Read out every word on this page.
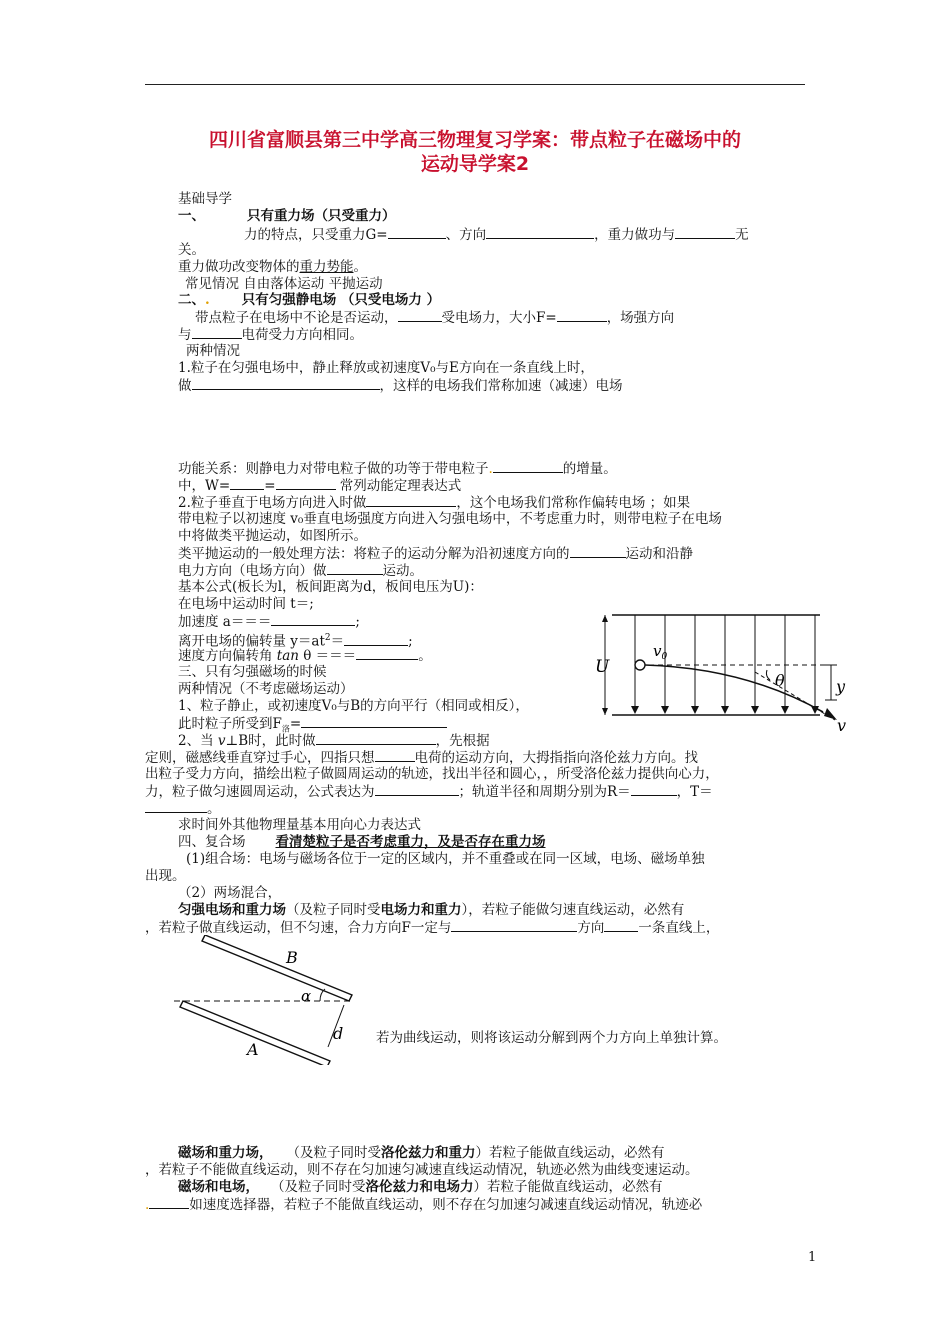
四川省富顺县第三中学高三物理复习学案：带点粒子在磁场中的
运动导学案2
基础导学
一、	只有重力场（只受重力）
力的特点，只受重力G=	、方向	，重力做功与	无
关。
重力做功改变物体的重力势能。
常见情况 自由落体运动 平抛运动
二、. 只有匀强静电场 （只受电场力 ）
带点粒子在电场中不论是否运动，	受电场力，大小F=	，场强方向
与	电荷受力方向相同。
两种情况
1.粒子在匀强电场中，静止释放或初速度V₀与E方向在一条直线上时，
做	，这样的电场我们常称加速（减速）电场
功能关系：则静电力对带电粒子做的功等于带电粒子.	的增量。
中，W=	=	常列动能定理表达式
2.粒子垂直于电场方向进入时做	，这个电场我们常称作偏转电场 ；如果
带电粒子以初速度 v₀垂直电场强度方向进入匀强电场中，不考虑重力时，则带电粒子在电场
中将做类平抛运动，如图所示。
类平抛运动的一般处理方法：将粒子的运动分解为沿初速度方向的	运动和沿静
电力方向（电场方向）做	运动。
基本公式(板长为l，板间距离为d，板间电压为U)：
在电场中运动时间 t＝;
加速度 a＝＝＝	;
离开电场的偏转量 $y=at^2=$	;
速度方向偏转角 tan θ ＝＝＝	。
三、只有匀强磁场的时候
两种情况（不考虑磁场运动）
1、粒子静止，或初速度V₀与B的方向平行（相同或相反），
此时粒子所受到$F_洛=$
2、当 v⊥B时，此时做	，先根据
定则，磁感线垂直穿过手心，四指只想	电荷的运动方向，大拇指指向洛伦兹力方向。找
出粒子受力方向，描绘出粒子做圆周运动的轨迹，找出半径和圆心，，所受洛伦兹力提供向心力，
力，粒子做匀速圆周运动，公式表达为	；轨道半径和周期分别为R＝	，T＝
。
求时间外其他物理量基本用向心力表达式
四、复合场 看清楚粒子是否考虑重力，及是否存在重力场
(1)组合场：电场与磁场各位于一定的区域内，并不重叠或在同一区域，电场、磁场单独
出现。
（2）两场混合，
匀强电场和重力场（及粒子同时受电场力和重力），若粒子能做匀速直线运动，必然有
，若粒子做直线运动，但不匀速，合力方向F一定与	方向	一条直线上，
若为曲线运动，则将该运动分解到两个力方向上单独计算。
磁场和重力场， （及粒子同时受洛伦兹力和重力）若粒子能做直线运动，必然有
，若粒子不能做直线运动，则不存在匀加速匀减速直线运动情况，轨迹必然为曲线变速运动。
磁场和电场， （及粒子同时受洛伦兹力和电场力）若粒子能做直线运动，必然有
.	如速度选择器，若粒子不能做直线运动，则不存在匀加速匀减速直线运动情况，轨迹必
U
$v_0$
θ	y
v
B
α
d
A
1
